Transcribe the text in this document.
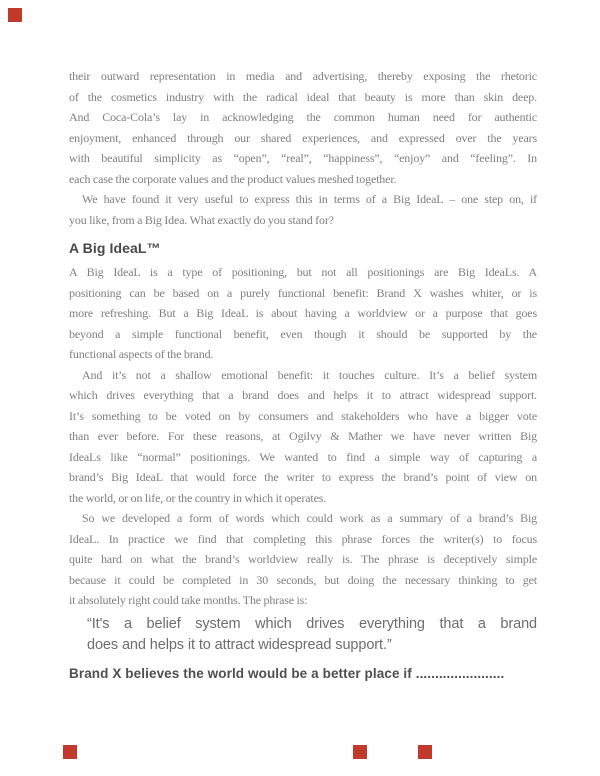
their outward representation in media and advertising, thereby exposing the rhetoric
of the cosmetics industry with the radical ideal that beauty is more than skin deep.
And Coca-Cola’s lay in acknowledging the common human need for authentic
enjoyment, enhanced through our shared experiences, and expressed over the years
with beautiful simplicity as “open”, “real”, “happiness”, “enjoy” and “feeling”. In
each case the corporate values and the product values meshed together.
We have found it very useful to express this in terms of a Big IdeaL – one step on, if
you like, from a Big Idea. What exactly do you stand for?
A Big IdeaL™
A Big IdeaL is a type of positioning, but not all positionings are Big IdeaLs. A
positioning can be based on a purely functional benefit: Brand X washes whiter, or is
more refreshing. But a Big IdeaL is about having a worldview or a purpose that goes
beyond a simple functional benefit, even though it should be supported by the
functional aspects of the brand.
And it’s not a shallow emotional benefit: it touches culture. It’s a belief system
which drives everything that a brand does and helps it to attract widespread support.
It’s something to be voted on by consumers and stakeholders who have a bigger vote
than ever before. For these reasons, at Ogilvy & Mather we have never written Big
IdeaLs like “normal” positionings. We wanted to find a simple way of capturing a
brand’s Big IdeaL that would force the writer to express the brand’s point of view on
the world, or on life, or the country in which it operates.
So we developed a form of words which could work as a summary of a brand’s Big
IdeaL. In practice we find that completing this phrase forces the writer(s) to focus
quite hard on what the brand’s worldview really is. The phrase is deceptively simple
because it could be completed in 30 seconds, but doing the necessary thinking to get
it absolutely right could take months. The phrase is:
“It's a belief system which drives everything that a brand
does and helps it to attract widespread support.”
Brand X believes the world would be a better place if .......................
